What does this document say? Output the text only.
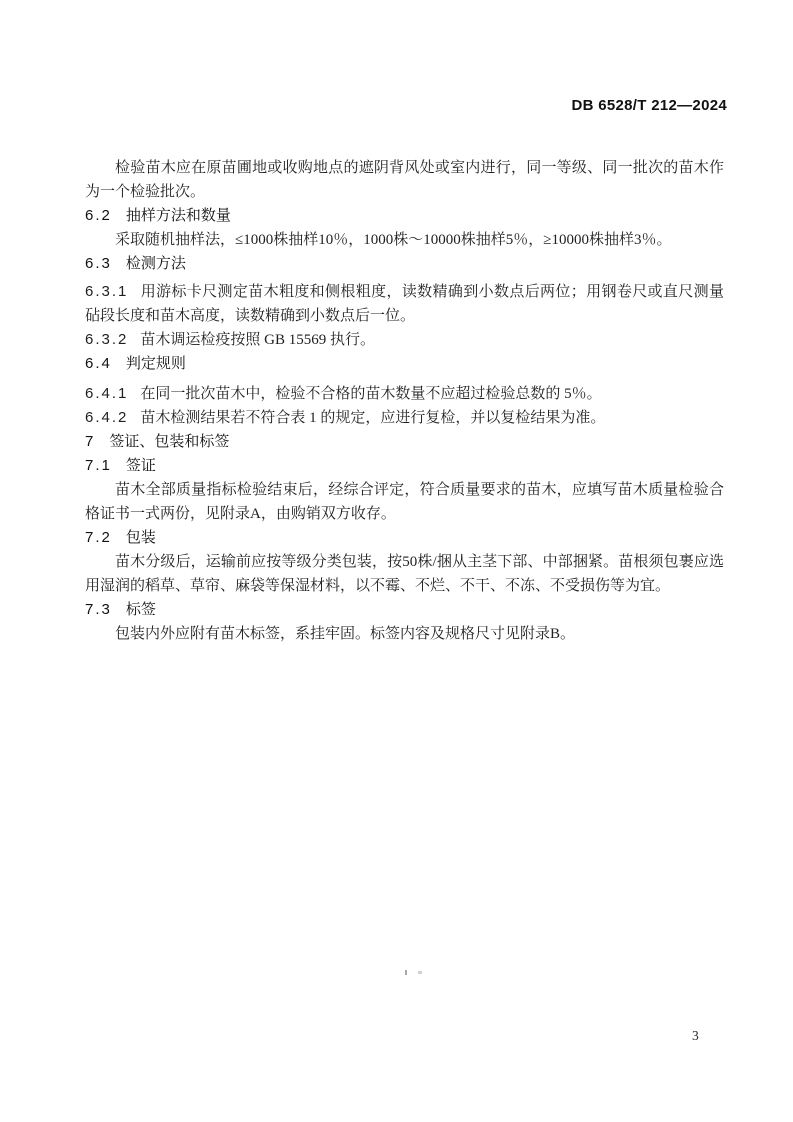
DB 6528/T 212—2024

检验苗木应在原苗圃地或收购地点的遮阴背风处或室内进行，同一等级、同一批次的苗木作为一个检验批次。

6.2 抽样方法和数量

采取随机抽样法，≤1000株抽样10％，1000株～10000株抽样5％，≥10000株抽样3％。

6.3 检测方法

6.3.1 用游标卡尺测定苗木粗度和侧根粗度，读数精确到小数点后两位；用钢卷尺或直尺测量砧段长度和苗木高度，读数精确到小数点后一位。

6.3.2 苗木调运检疫按照 GB 15569 执行。

6.4 判定规则

6.4.1 在同一批次苗木中，检验不合格的苗木数量不应超过检验总数的 5％。

6.4.2 苗木检测结果若不符合表 1 的规定，应进行复检，并以复检结果为准。

7 签证、包装和标签
7.1 签证

苗木全部质量指标检验结束后，经综合评定，符合质量要求的苗木，应填写苗木质量检验合格证书一式两份，见附录A，由购销双方收存。

7.2 包装

苗木分级后，运输前应按等级分类包装，按50株/捆从主茎下部、中部捆紧。苗根须包裹应选用湿润的稻草、草帘、麻袋等保湿材料，以不霉、不烂、不干、不冻、不受损伤等为宜。

7.3 标签

包装内外应附有苗木标签，系挂牢固。标签内容及规格尺寸见附录B。

3
